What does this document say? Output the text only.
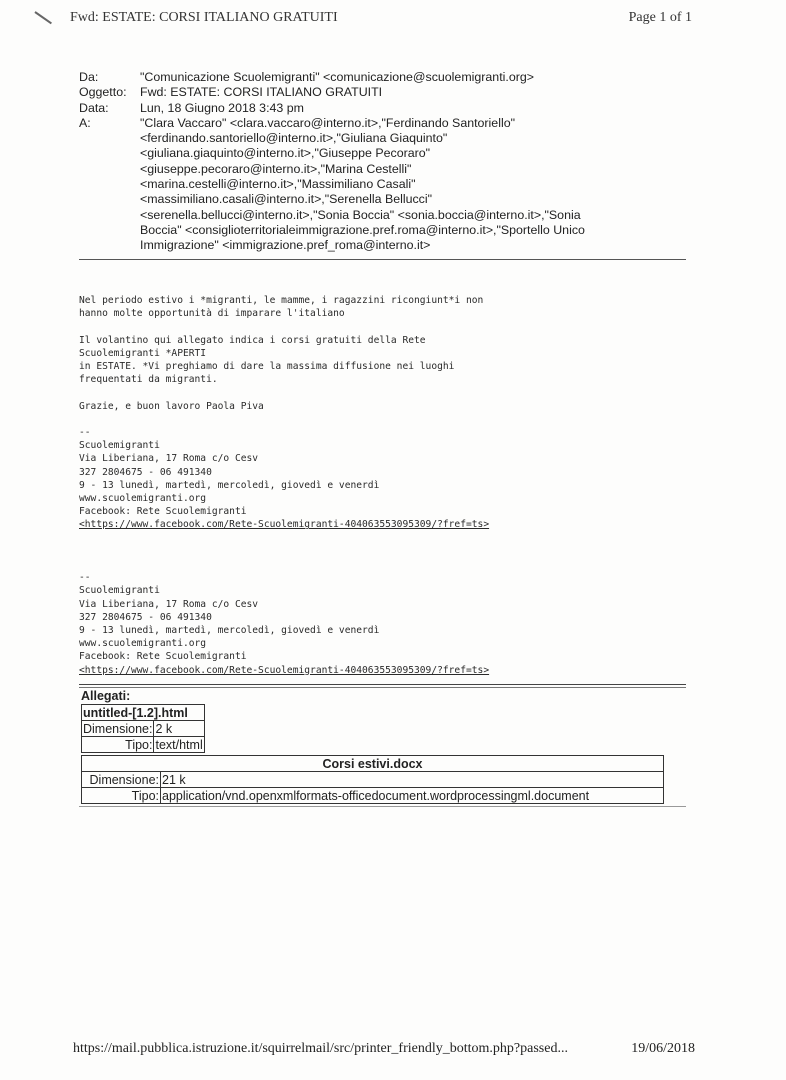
Fwd: ESTATE: CORSI ITALIANO GRATUITI	Page 1 of 1
Da:	"Comunicazione Scuolemigranti" <comunicazione@scuolemigranti.org>
Oggetto:	Fwd: ESTATE: CORSI ITALIANO GRATUITI
Data:	Lun, 18 Giugno 2018 3:43 pm
A:	"Clara Vaccaro" <clara.vaccaro@interno.it>,"Ferdinando Santoriello"
<ferdinando.santoriello@interno.it>,"Giuliana Giaquinto"
<giuliana.giaquinto@interno.it>,"Giuseppe Pecoraro"
<giuseppe.pecoraro@interno.it>,"Marina Cestelli"
<marina.cestelli@interno.it>,"Massimiliano Casali"
<massimiliano.casali@interno.it>,"Serenella Bellucci"
<serenella.bellucci@interno.it>,"Sonia Boccia" <sonia.boccia@interno.it>,"Sonia
Boccia" <consiglioterritorialeimmigrazione.pref.roma@interno.it>,"Sportello Unico
Immigrazione" <immigrazione.pref_roma@interno.it>
Nel periodo estivo i *migranti, le mamme, i ragazzini ricongiunt*i non
hanno molte opportunità di imparare l'italiano

Il volantino qui allegato indica i corsi gratuiti della Rete
Scuolemigranti *APERTI
in ESTATE. *Vi preghiamo di dare la massima diffusione nei luoghi
frequentati da migranti.

Grazie, e buon lavoro Paola Piva

--
Scuolemigranti
Via Liberiana, 17 Roma c/o Cesv
327 2804675 - 06 491340
9 - 13 lunedì, martedì, mercoledì, giovedì e venerdì
www.scuolemigranti.org
Facebook: Rete Scuolemigranti
<https://www.facebook.com/Rete-Scuolemigranti-404063553095309/?fref=ts>

--
Scuolemigranti
Via Liberiana, 17 Roma c/o Cesv
327 2804675 - 06 491340
9 - 13 lunedì, martedì, mercoledì, giovedì e venerdì
www.scuolemigranti.org
Facebook: Rete Scuolemigranti
<https://www.facebook.com/Rete-Scuolemigranti-404063553095309/?fref=ts>
Allegati:
untitled-[1.2].html	
Dimensione:	2 k
Tipo:	text/html
Corsi estivi.docx	
Dimensione:	21 k
Tipo:	application/vnd.openxmlformats-officedocument.wordprocessingml.document
https://mail.pubblica.istruzione.it/squirrelmail/src/printer_friendly_bottom.php?passed...	19/06/2018
